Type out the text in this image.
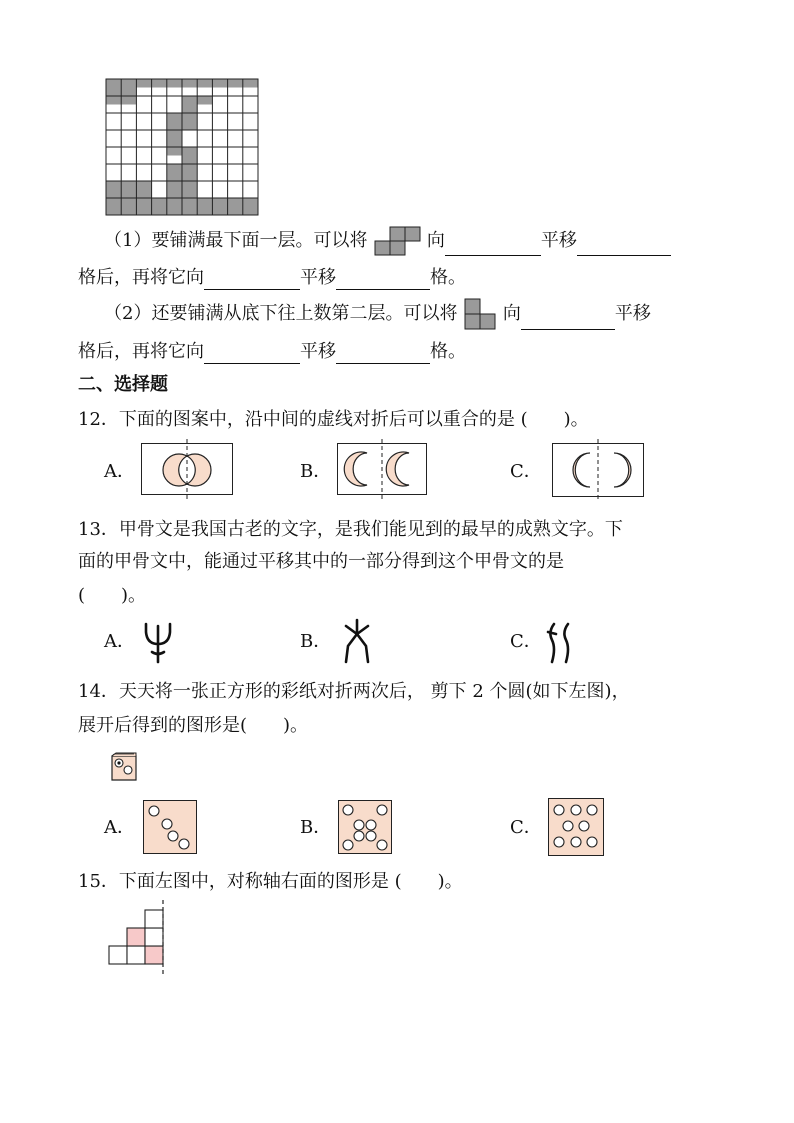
（1）要铺满最下面一层。可以将	向	平移
格后，再将它向	平移	格。
（2）还要铺满从底下往上数第二层。可以将	向	平移
格后，再将它向	平移	格。
二、选择题
12．下面的图案中，沿中间的虚线对折后可以重合的是 (　　)。
A．	B．	C．
13．甲骨文是我国古老的文字，是我们能见到的最早的成熟文字。下
面的甲骨文中，能通过平移其中的一部分得到这个甲骨文的是
(　　)。
A．	B．	C．
14．天天将一张正方形的彩纸对折两次后， 剪下 2 个圆(如下左图)，
展开后得到的图形是(　　)。
A．	B．	C．
15．下面左图中，对称轴右面的图形是 (　　)。
